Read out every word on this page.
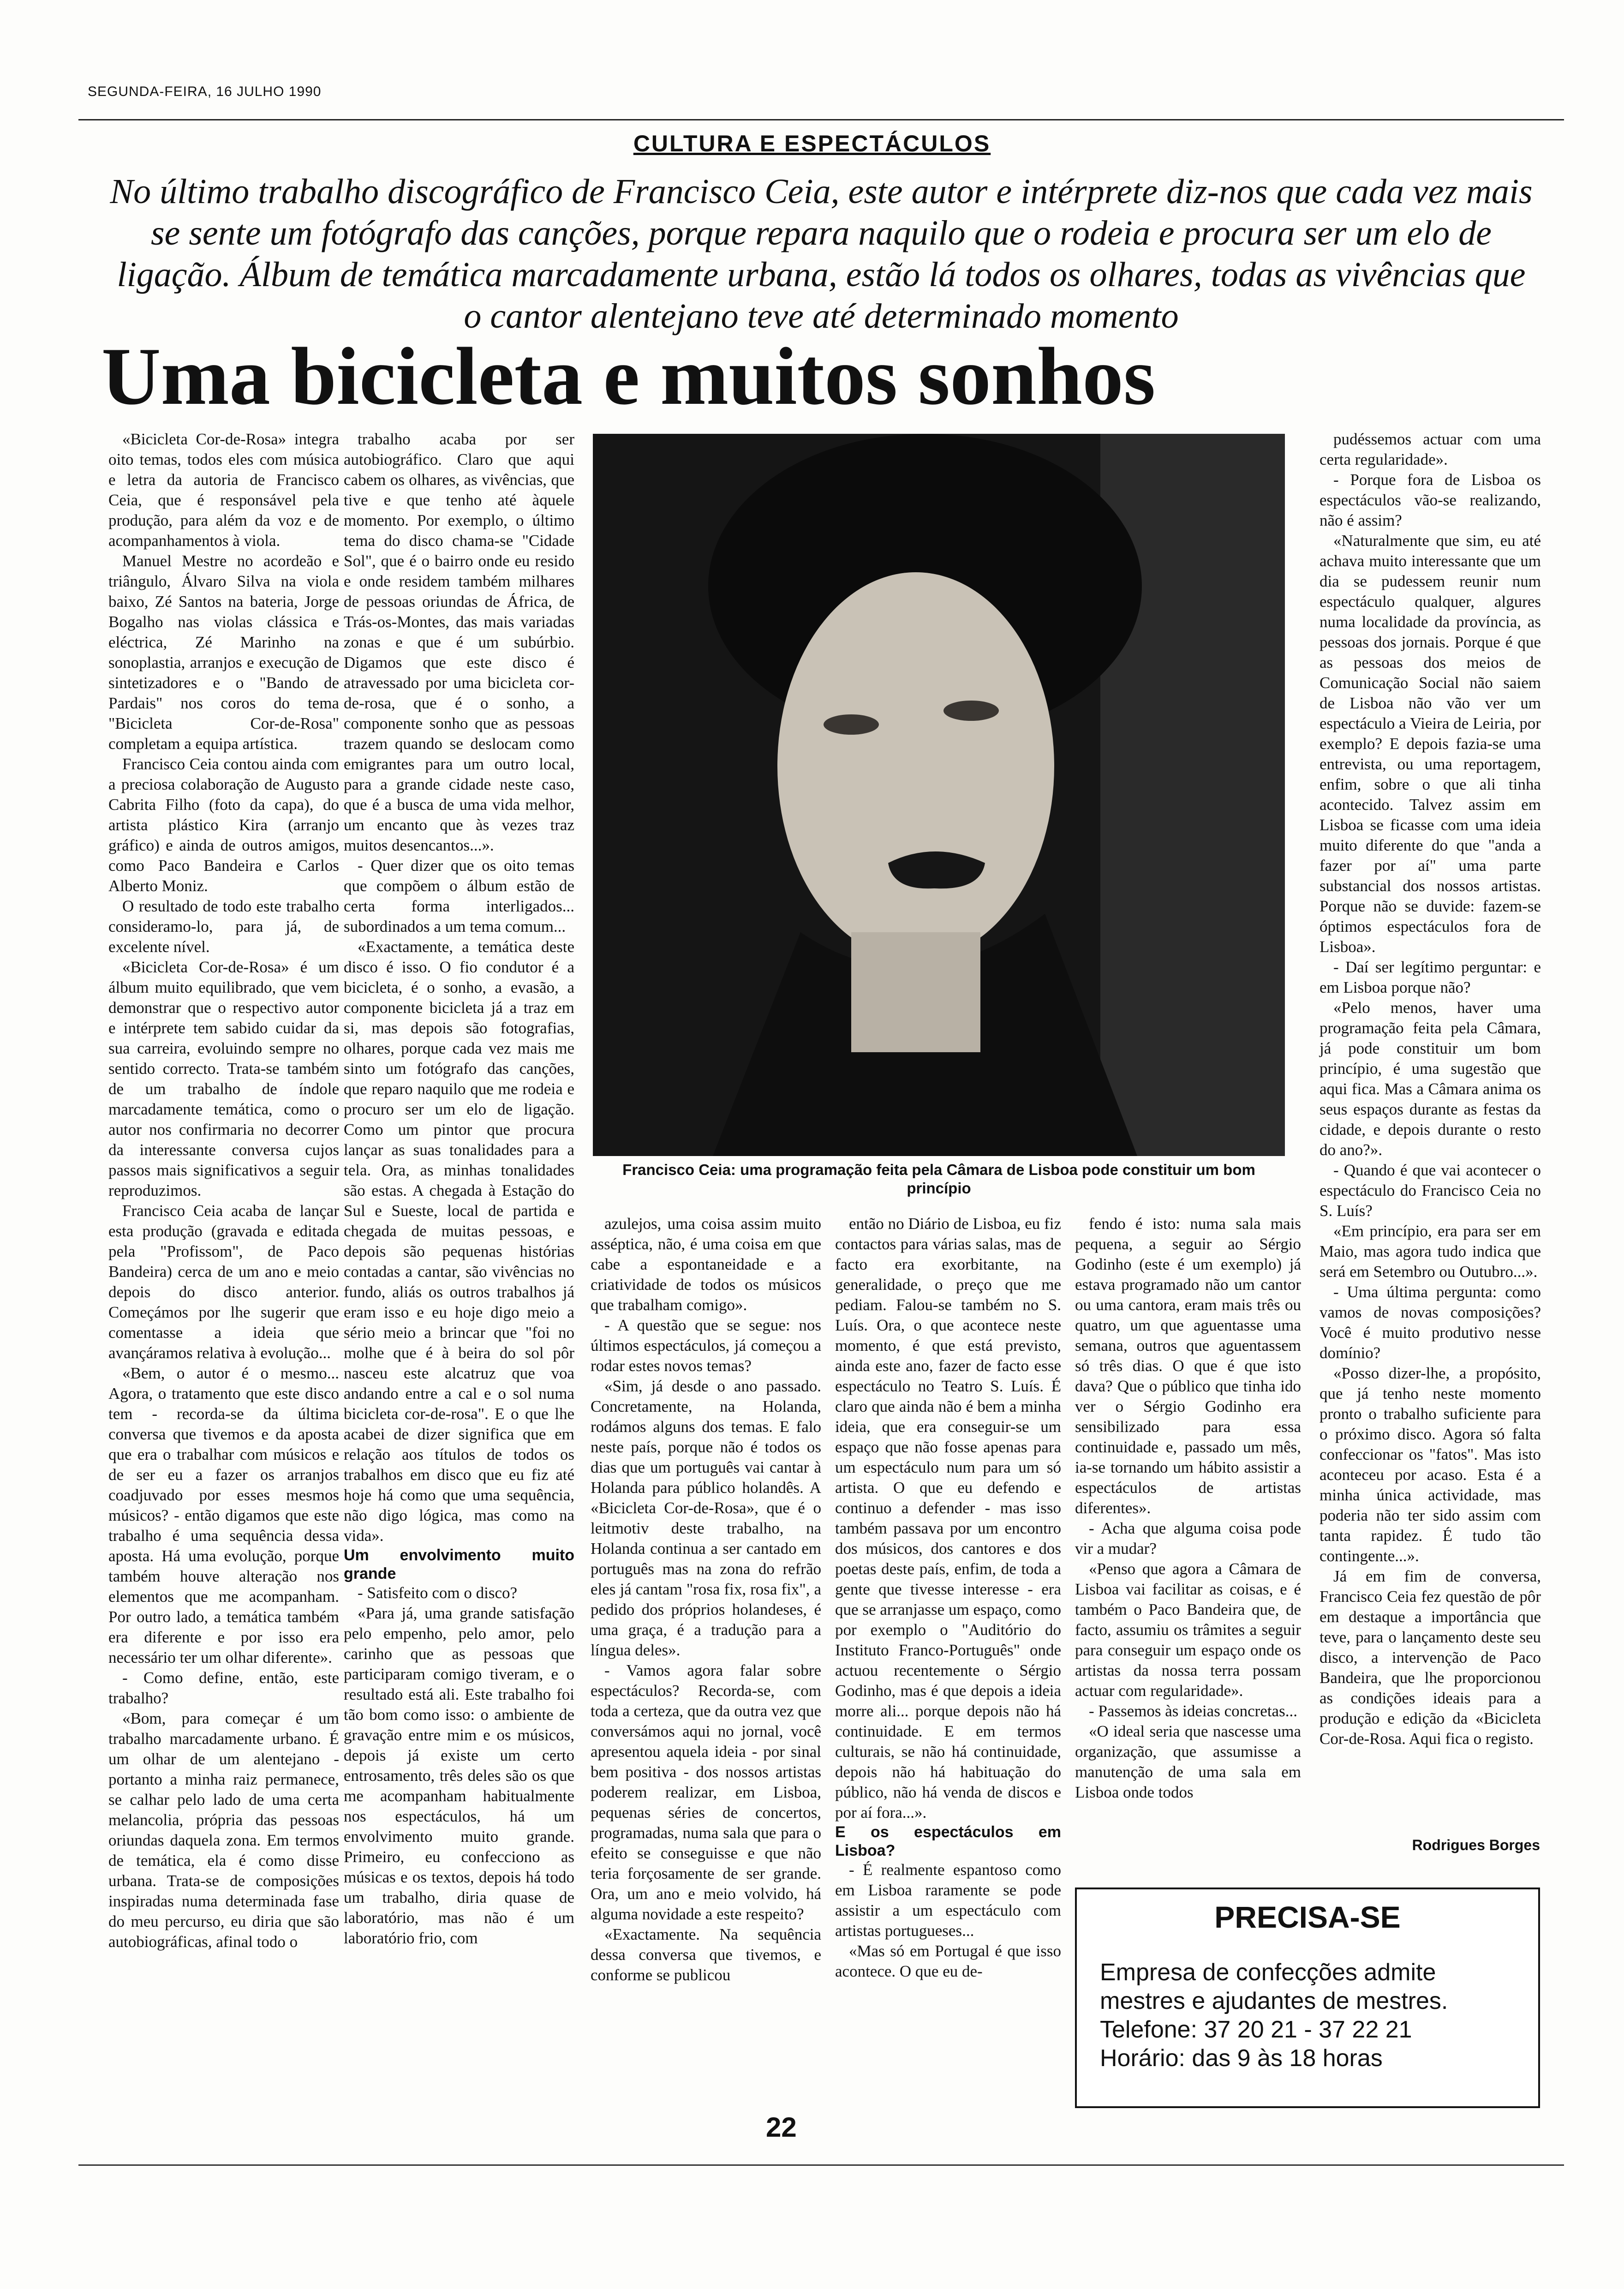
SEGUNDA-FEIRA, 16 JULHO 1990
CULTURA E ESPECTÁCULOS
No último trabalho discográfico de Francisco Ceia, este autor e intérprete diz-nos que cada vez mais se sente um fotógrafo das canções, porque repara naquilo que o rodeia e procura ser um elo de ligação. Álbum de temática marcadamente urbana, estão lá todos os olhares, todas as vivências que o cantor alentejano teve até determinado momento
Uma bicicleta e muitos sonhos

«Bicicleta Cor-de-Rosa» integra oito temas, todos eles com música e letra da autoria de Francisco Ceia, que é responsável pela produção, para além da voz e de acompanhamentos à viola.

Manuel Mestre no acordeão e triângulo, Álvaro Silva na viola baixo, Zé Santos na bateria, Jorge Bogalho nas violas clássica e eléctrica, Zé Marinho na sonoplastia, arranjos e execução de sintetizadores e o "Bando de Pardais" nos coros do tema "Bicicleta Cor-de-Rosa" completam a equipa artística.

Francisco Ceia contou ainda com a preciosa colaboração de Augusto Cabrita Filho (foto da capa), do artista plástico Kira (arranjo gráfico) e ainda de outros amigos, como Paco Bandeira e Carlos Alberto Moniz.

O resultado de todo este trabalho consideramo-lo, para já, de excelente nível.

«Bicicleta Cor-de-Rosa» é um álbum muito equilibrado, que vem demonstrar que o respectivo autor e intérprete tem sabido cuidar da sua carreira, evoluindo sempre no sentido correcto. Trata-se também de um trabalho de índole marcadamente temática, como o autor nos confirmaria no decorrer da interessante conversa cujos passos mais significativos a seguir reproduzimos.

Francisco Ceia acaba de lançar esta produção (gravada e editada pela "Profissom", de Paco Bandeira) cerca de um ano e meio depois do disco anterior. Começámos por lhe sugerir que comentasse a ideia que avançáramos relativa à evolução...

«Bem, o autor é o mesmo... Agora, o tratamento que este disco tem - recorda-se da última conversa que tivemos e da aposta que era o trabalhar com músicos e de ser eu a fazer os arranjos coadjuvado por esses mesmos músicos? - então digamos que este trabalho é uma sequência dessa aposta. Há uma evolução, porque também houve alteração nos elementos que me acompanham. Por outro lado, a temática também era diferente e por isso era necessário ter um olhar diferente».

- Como define, então, este trabalho?

«Bom, para começar é um trabalho marcadamente urbano. É um olhar de um alentejano - portanto a minha raiz permanece, se calhar pelo lado de uma certa melancolia, própria das pessoas oriundas daquela zona. Em termos de temática, ela é como disse urbana. Trata-se de composições inspiradas numa determinada fase do meu percurso, eu diria que são autobiográficas, afinal todo o

trabalho acaba por ser autobiográfico. Claro que aqui cabem os olhares, as vivências, que tive e que tenho até àquele momento. Por exemplo, o último tema do disco chama-se "Cidade Sol", que é o bairro onde eu resido e onde residem também milhares de pessoas oriundas de África, de Trás-os-Montes, das mais variadas zonas e que é um subúrbio. Digamos que este disco é atravessado por uma bicicleta cor-de-rosa, que é o sonho, a componente sonho que as pessoas trazem quando se deslocam como emigrantes para um outro local, para a grande cidade neste caso, que é a busca de uma vida melhor, um encanto que às vezes traz muitos desencantos...».

- Quer dizer que os oito temas que compõem o álbum estão de certa forma interligados... subordinados a um tema comum...

«Exactamente, a temática deste disco é isso. O fio condutor é a bicicleta, é o sonho, a evasão, a componente bicicleta já a traz em si, mas depois são fotografias, olhares, porque cada vez mais me sinto um fotógrafo das canções, que reparo naquilo que me rodeia e procuro ser um elo de ligação. Como um pintor que procura lançar as suas tonalidades para a tela. Ora, as minhas tonalidades são estas. A chegada à Estação do Sul e Sueste, local de partida e chegada de muitas pessoas, e depois são pequenas histórias contadas a cantar, são vivências no fundo, aliás os outros trabalhos já eram isso e eu hoje digo meio a sério meio a brincar que "foi no molhe que é à beira do sol pôr nasceu este alcatruz que voa andando entre a cal e o sol numa bicicleta cor-de-rosa". E o que lhe acabei de dizer significa que em relação aos títulos de todos os trabalhos em disco que eu fiz até hoje há como que uma sequência, não digo lógica, mas como na vida».

Um envolvimento muito grande

- Satisfeito com o disco?

«Para já, uma grande satisfação pelo empenho, pelo amor, pelo carinho que as pessoas que participaram comigo tiveram, e o resultado está ali. Este trabalho foi tão bom como isso: o ambiente de gravação entre mim e os músicos, depois já existe um certo entrosamento, três deles são os que me acompanham habitualmente nos espectáculos, há um envolvimento muito grande. Primeiro, eu confecciono as músicas e os textos, depois há todo um trabalho, diria quase de laboratório, mas não é um laboratório frio, com

Francisco Ceia: uma programação feita pela Câmara de Lisboa pode constituir um bom princípio

azulejos, uma coisa assim muito asséptica, não, é uma coisa em que cabe a espontaneidade e a criatividade de todos os músicos que trabalham comigo».

- A questão que se segue: nos últimos espectáculos, já começou a rodar estes novos temas?

«Sim, já desde o ano passado. Concretamente, na Holanda, rodámos alguns dos temas. E falo neste país, porque não é todos os dias que um português vai cantar à Holanda para público holandês. A «Bicicleta Cor-de-Rosa», que é o leitmotiv deste trabalho, na Holanda continua a ser cantado em português mas na zona do refrão eles já cantam "rosa fix, rosa fix", a pedido dos próprios holandeses, é uma graça, é a tradução para a língua deles».

- Vamos agora falar sobre espectáculos? Recorda-se, com toda a certeza, que da outra vez que conversámos aqui no jornal, você apresentou aquela ideia - por sinal bem positiva - dos nossos artistas poderem realizar, em Lisboa, pequenas séries de concertos, programadas, numa sala que para o efeito se conseguisse e que não teria forçosamente de ser grande. Ora, um ano e meio volvido, há alguma novidade a este respeito?

«Exactamente. Na sequência dessa conversa que tivemos, e conforme se publicou

então no Diário de Lisboa, eu fiz contactos para várias salas, mas de facto era exorbitante, na generalidade, o preço que me pediam. Falou-se também no S. Luís. Ora, o que acontece neste momento, é que está previsto, ainda este ano, fazer de facto esse espectáculo no Teatro S. Luís. É claro que ainda não é bem a minha ideia, que era conseguir-se um espaço que não fosse apenas para um espectáculo num para um só artista. O que eu defendo e continuo a defender - mas isso também passava por um encontro dos músicos, dos cantores e dos poetas deste país, enfim, de toda a gente que tivesse interesse - era que se arranjasse um espaço, como por exemplo o "Auditório do Instituto Franco-Português" onde actuou recentemente o Sérgio Godinho, mas é que depois a ideia morre ali... porque depois não há continuidade. E em termos culturais, se não há continuidade, depois não há habituação do público, não há venda de discos e por aí fora...».

E os espectáculos em Lisboa?

- É realmente espantoso como em Lisboa raramente se pode assistir a um espectáculo com artistas portugueses...

«Mas só em Portugal é que isso acontece. O que eu de-

fendo é isto: numa sala mais pequena, a seguir ao Sérgio Godinho (este é um exemplo) já estava programado não um cantor ou uma cantora, eram mais três ou quatro, um que aguentasse uma semana, outros que aguentassem só três dias. O que é que isto dava? Que o público que tinha ido ver o Sérgio Godinho era sensibilizado para essa continuidade e, passado um mês, ia-se tornando um hábito assistir a espectáculos de artistas diferentes».

- Acha que alguma coisa pode vir a mudar?

«Penso que agora a Câmara de Lisboa vai facilitar as coisas, e é também o Paco Bandeira que, de facto, assumiu os trâmites a seguir para conseguir um espaço onde os artistas da nossa terra possam actuar com regularidade».

- Passemos às ideias concretas...

«O ideal seria que nascesse uma organização, que assumisse a manutenção de uma sala em Lisboa onde todos

pudéssemos actuar com uma certa regularidade».

- Porque fora de Lisboa os espectáculos vão-se realizando, não é assim?

«Naturalmente que sim, eu até achava muito interessante que um dia se pudessem reunir num espectáculo qualquer, algures numa localidade da província, as pessoas dos jornais. Porque é que as pessoas dos meios de Comunicação Social não saiem de Lisboa não vão ver um espectáculo a Vieira de Leiria, por exemplo? E depois fazia-se uma entrevista, ou uma reportagem, enfim, sobre o que ali tinha acontecido. Talvez assim em Lisboa se ficasse com uma ideia muito diferente do que "anda a fazer por aí" uma parte substancial dos nossos artistas. Porque não se duvide: fazem-se óptimos espectáculos fora de Lisboa».

- Daí ser legítimo perguntar: e em Lisboa porque não?

«Pelo menos, haver uma programação feita pela Câmara, já pode constituir um bom princípio, é uma sugestão que aqui fica. Mas a Câmara anima os seus espaços durante as festas da cidade, e depois durante o resto do ano?».

- Quando é que vai acontecer o espectáculo do Francisco Ceia no S. Luís?

«Em princípio, era para ser em Maio, mas agora tudo indica que será em Setembro ou Outubro...».

- Uma última pergunta: como vamos de novas composições? Você é muito produtivo nesse domínio?

«Posso dizer-lhe, a propósito, que já tenho neste momento pronto o trabalho suficiente para o próximo disco. Agora só falta confeccionar os "fatos". Mas isto aconteceu por acaso. Esta é a minha única actividade, mas poderia não ter sido assim com tanta rapidez. É tudo tão contingente...».

Já em fim de conversa, Francisco Ceia fez questão de pôr em destaque a importância que teve, para o lançamento deste seu disco, a intervenção de Paco Bandeira, que lhe proporcionou as condições ideais para a produção e edição da «Bicicleta Cor-de-Rosa. Aqui fica o registo.

Rodrigues Borges

PRECISA-SE
Empresa de confecções admite
mestres e ajudantes de mestres.
Telefone: 37 20 21 - 37 22 21
Horário: das 9 às 18 horas
22
